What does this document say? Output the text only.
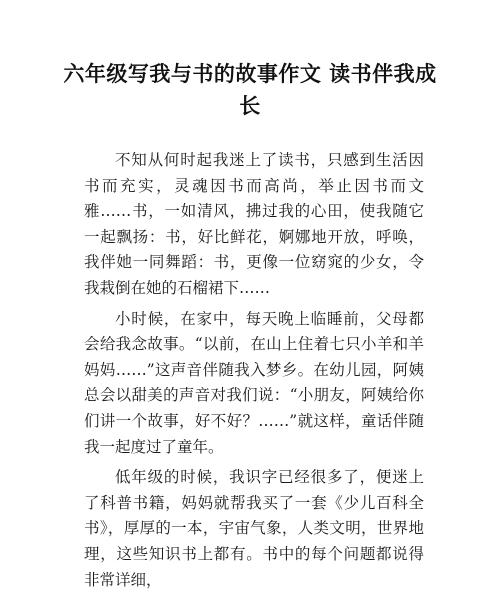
六年级写我与书的故事作文 读书伴我成长

不知从何时起我迷上了读书，只感到生活因书而充实，灵魂因书而高尚，举止因书而文雅……书，一如清风，拂过我的心田，使我随它一起飘扬：书，好比鲜花，婀娜地开放，呼唤，我伴她一同舞蹈：书，更像一位窈窕的少女，令我栽倒在她的石榴裙下……

小时候，在家中，每天晚上临睡前，父母都会给我念故事。“以前，在山上住着七只小羊和羊妈妈……”这声音伴随我入梦乡。在幼儿园，阿姨总会以甜美的声音对我们说：“小朋友，阿姨给你们讲一个故事，好不好？……”就这样，童话伴随我一起度过了童年。

低年级的时候，我识字已经很多了，便迷上了科普书籍，妈妈就帮我买了一套《少儿百科全书》，厚厚的一本，宇宙气象，人类文明，世界地理，这些知识书上都有。书中的每个问题都说得非常详细，
